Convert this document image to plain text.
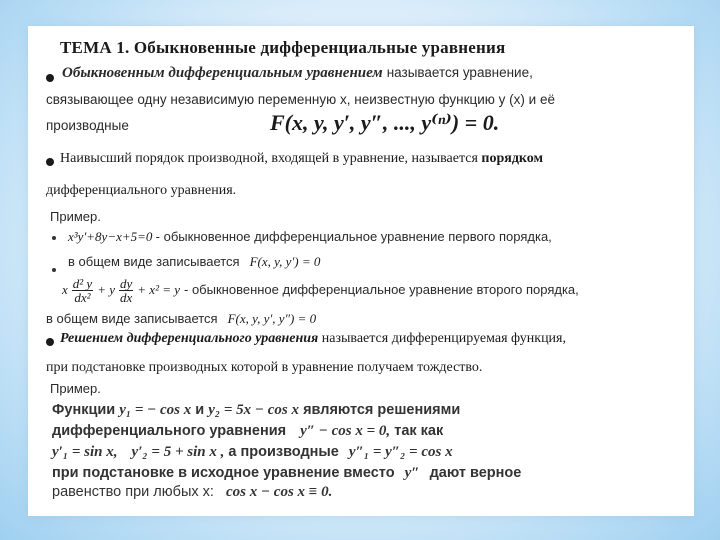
ТЕМА 1. Обыкновенные дифференциальные уравнения
Обыкновенным дифференциальным уравнением называется уравнение,
связывающее одну независимую переменную x, неизвестную функцию y (x) и её
производные	F(x, y, y′, y″, ..., y⁽ⁿ⁾) = 0.
Наивысший порядок производной, входящей в уравнение, называется порядком
дифференциального уравнения.
Пример.
x³y′+8y−x+5=0 - обыкновенное дифференциальное уравнение первого порядка,
в общем виде записывается F(x, y, y′) = 0
x $\frac{\text{d² y}}{\text{dx²}} + y \frac{dy}{dx} + x^2 = y$ - обыкновенное дифференциальное уравнение второго порядка,
в общем виде записывается F(x, y, y′, y″) = 0
Решением дифференциального уравнения называется дифференцируемая функция,
при подстановке производных которой в уравнение получаем тождество.
Пример.
Функции y₁ = − cos x и y₂ = 5x − cos x являются решениями
дифференциального уравнения y″ − cos x = 0, так как
y′₁ = sin x, y′₂ = 5 + sin x , а производные y″₁ = y″₂ = cos x
при подстановке в исходное уравнение вместо y″ дают верное
равенство при любых x: cos x − cos x ≡ 0.
